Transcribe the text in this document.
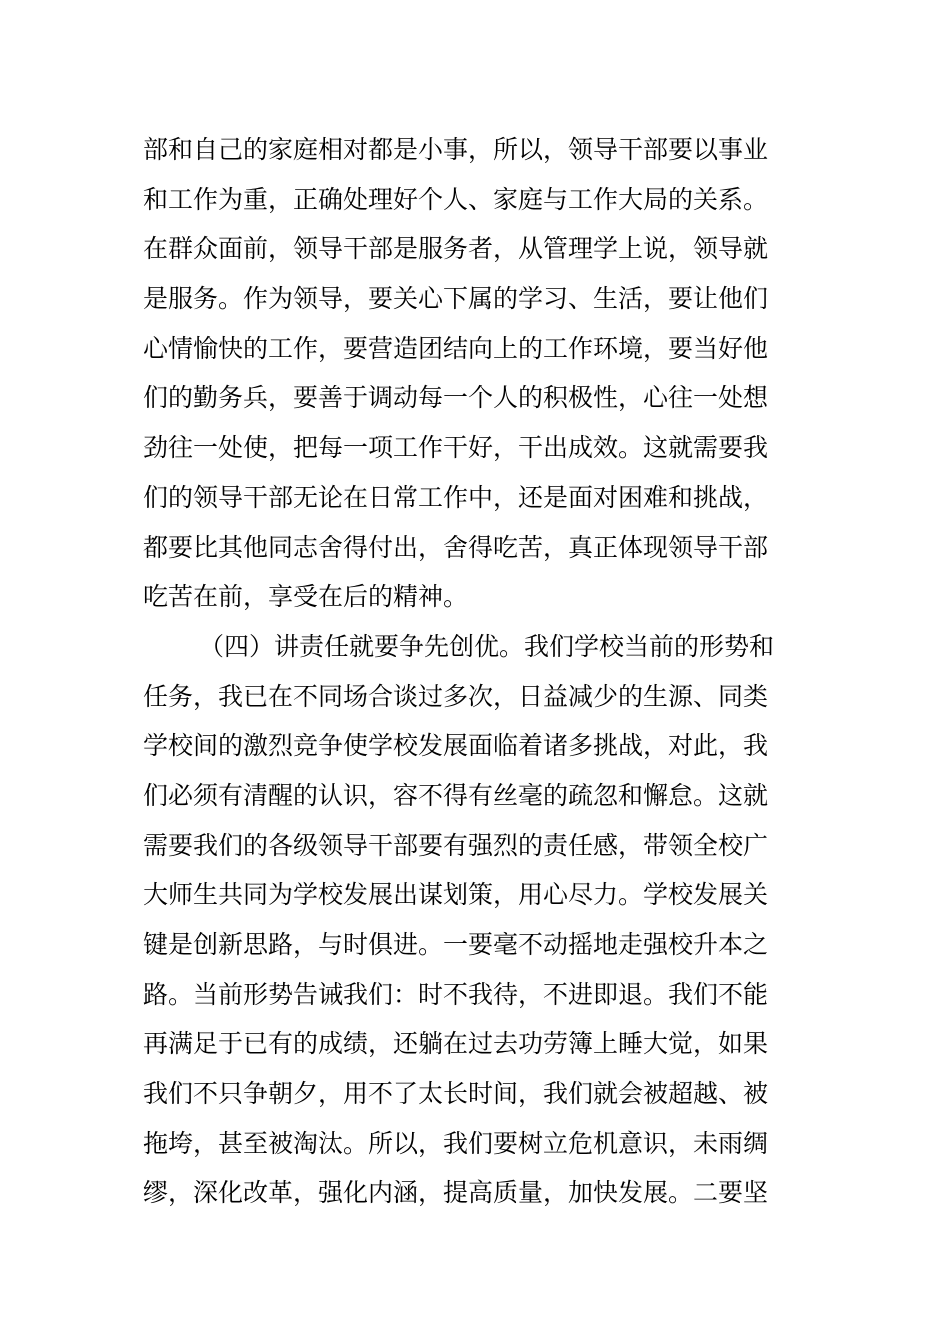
部和自己的家庭相对都是小事，所以，领导干部要以事业
和工作为重，正确处理好个人、家庭与工作大局的关系。
在群众面前，领导干部是服务者，从管理学上说，领导就
是服务。作为领导，要关心下属的学习、生活，要让他们
心情愉快的工作，要营造团结向上的工作环境，要当好他
们的勤务兵，要善于调动每一个人的积极性，心往一处想
劲往一处使，把每一项工作干好，干出成效。这就需要我
们的领导干部无论在日常工作中，还是面对困难和挑战，
都要比其他同志舍得付出，舍得吃苦，真正体现领导干部
吃苦在前，享受在后的精神。
（四）讲责任就要争先创优。我们学校当前的形势和
任务，我已在不同场合谈过多次，日益减少的生源、同类
学校间的激烈竞争使学校发展面临着诸多挑战，对此，我
们必须有清醒的认识，容不得有丝毫的疏忽和懈怠。这就
需要我们的各级领导干部要有强烈的责任感，带领全校广
大师生共同为学校发展出谋划策，用心尽力。学校发展关
键是创新思路，与时俱进。一要毫不动摇地走强校升本之
路。当前形势告诫我们：时不我待，不进即退。我们不能
再满足于已有的成绩，还躺在过去功劳簿上睡大觉，如果
我们不只争朝夕，用不了太长时间，我们就会被超越、被
拖垮，甚至被淘汰。所以，我们要树立危机意识，未雨绸
缪，深化改革，强化内涵，提高质量，加快发展。二要坚
